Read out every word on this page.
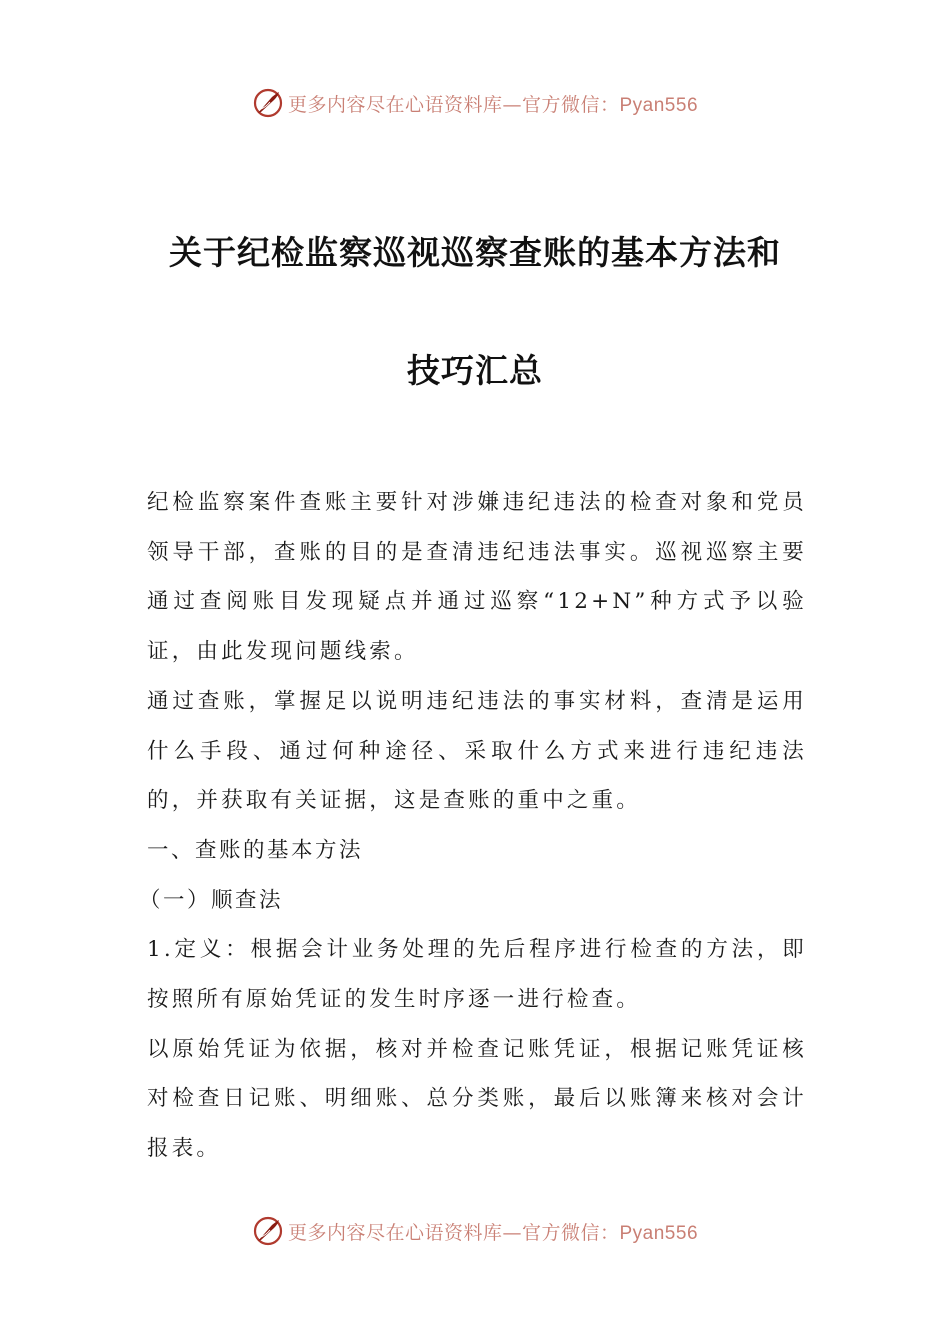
更多内容尽在心语资料库—官方微信：Pyan556
关于纪检监察巡视巡察查账的基本方法和
技巧汇总

纪检监察案件查账主要针对涉嫌违纪违法的检查对象和党员领导干部，查账的目的是查清违纪违法事实。巡视巡察主要通过查阅账目发现疑点并通过巡察“12+N”种方式予以验证，由此发现问题线索。

通过查账，掌握足以说明违纪违法的事实材料，查清是运用什么手段、通过何种途径、采取什么方式来进行违纪违法的，并获取有关证据，这是查账的重中之重。

一、查账的基本方法

（一）顺查法

1.定义：根据会计业务处理的先后程序进行检查的方法，即按照所有原始凭证的发生时序逐一进行检查。

以原始凭证为依据，核对并检查记账凭证，根据记账凭证核对检查日记账、明细账、总分类账，最后以账簿来核对会计报表。

更多内容尽在心语资料库—官方微信：Pyan556
